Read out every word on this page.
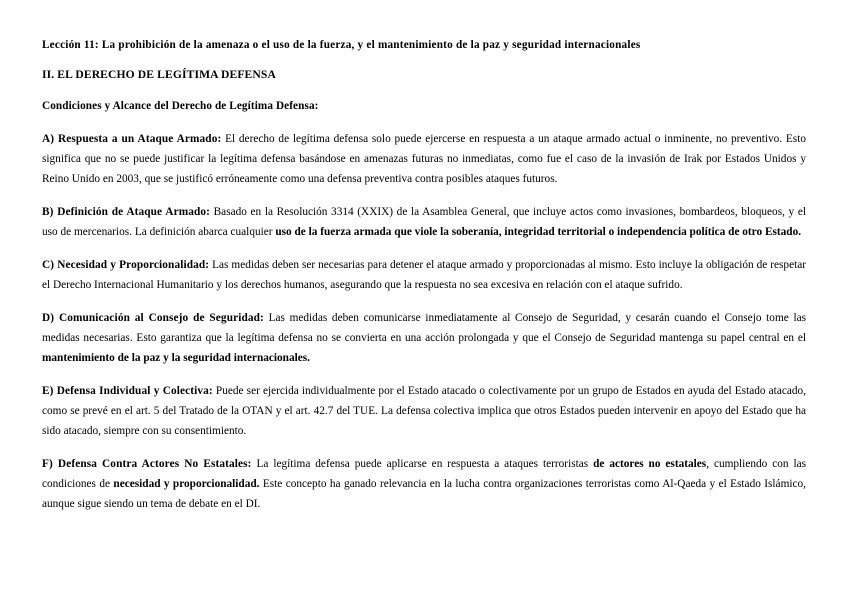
Lección 11: La prohibición de la amenaza o el uso de la fuerza, y el mantenimiento de la paz y seguridad internacionales
II. EL DERECHO DE LEGÍTIMA DEFENSA
Condiciones y Alcance del Derecho de Legítima Defensa:

A) Respuesta a un Ataque Armado: El derecho de legítima defensa solo puede ejercerse en respuesta a un ataque armado actual o inminente, no preventivo. Esto significa que no se puede justificar la legítima defensa basándose en amenazas futuras no inmediatas, como fue el caso de la invasión de Irak por Estados Unidos y Reino Unido en 2003, que se justificó erróneamente como una defensa preventiva contra posibles ataques futuros.

B) Definición de Ataque Armado: Basado en la Resolución 3314 (XXIX) de la Asamblea General, que incluye actos como invasiones, bombardeos, bloqueos, y el uso de mercenarios. La definición abarca cualquier uso de la fuerza armada que viole la soberanía, integridad territorial o independencia política de otro Estado.

C) Necesidad y Proporcionalidad: Las medidas deben ser necesarias para detener el ataque armado y proporcionadas al mismo. Esto incluye la obligación de respetar el Derecho Internacional Humanitario y los derechos humanos, asegurando que la respuesta no sea excesiva en relación con el ataque sufrido.

D) Comunicación al Consejo de Seguridad: Las medidas deben comunicarse inmediatamente al Consejo de Seguridad, y cesarán cuando el Consejo tome las medidas necesarias. Esto garantiza que la legítima defensa no se convierta en una acción prolongada y que el Consejo de Seguridad mantenga su papel central en el mantenimiento de la paz y la seguridad internacionales.

E) Defensa Individual y Colectiva: Puede ser ejercida individualmente por el Estado atacado o colectivamente por un grupo de Estados en ayuda del Estado atacado, como se prevé en el art. 5 del Tratado de la OTAN y el art. 42.7 del TUE. La defensa colectiva implica que otros Estados pueden intervenir en apoyo del Estado que ha sido atacado, siempre con su consentimiento.

F) Defensa Contra Actores No Estatales: La legítima defensa puede aplicarse en respuesta a ataques terroristas de actores no estatales, cumpliendo con las condiciones de necesidad y proporcionalidad. Este concepto ha ganado relevancia en la lucha contra organizaciones terroristas como Al-Qaeda y el Estado Islámico, aunque sigue siendo un tema de debate en el DI.
